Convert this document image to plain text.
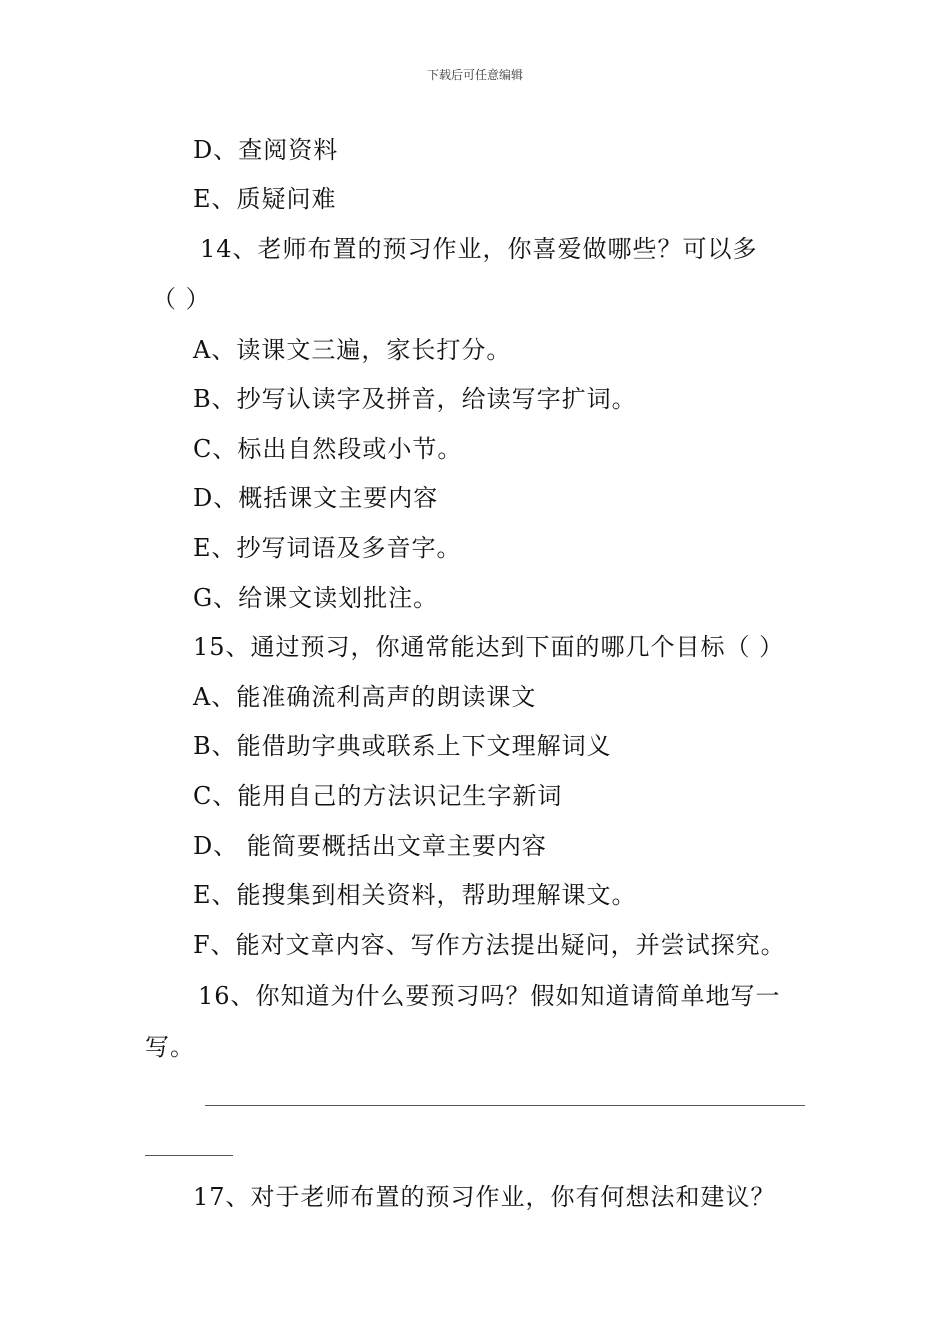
下载后可任意编辑
D、查阅资料
E、质疑问难
14、老师布置的预习作业，你喜爱做哪些？可以多
（ ）
A、读课文三遍，家长打分。
B、抄写认读字及拼音，给读写字扩词。
C、标出自然段或小节。
D、概括课文主要内容
E、抄写词语及多音字。
G、给课文读划批注。
15、通过预习，你通常能达到下面的哪几个目标（ ）
A、能准确流利高声的朗读课文
B、能借助字典或联系上下文理解词义
C、能用自己的方法识记生字新词
D、 能简要概括出文章主要内容
E、能搜集到相关资料，帮助理解课文。
F、能对文章内容、写作方法提出疑问，并尝试探究。
16、你知道为什么要预习吗？假如知道请简单地写一
写。
17、对于老师布置的预习作业，你有何想法和建议？
